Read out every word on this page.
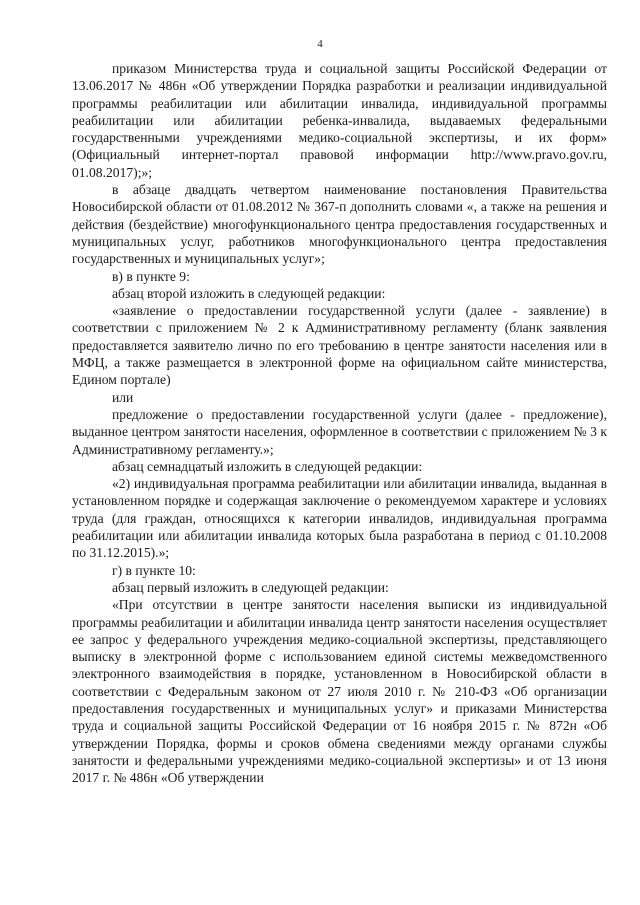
4

приказом Министерства труда и социальной защиты Российской Федерации от 13.06.2017 № 486н «Об утверждении Порядка разработки и реализации индивидуальной программы реабилитации или абилитации инвалида, индивидуальной программы реабилитации или абилитации ребенка-инвалида, выдаваемых федеральными государственными учреждениями медико-социальной экспертизы, и их форм» (Официальный интернет-портал правовой информации http://www.pravo.gov.ru, 01.08.2017);»;

в абзаце двадцать четвертом наименование постановления Правительства Новосибирской области от 01.08.2012 № 367-п дополнить словами «, а также на решения и действия (бездействие) многофункционального центра предоставления государственных и муниципальных услуг, работников многофункционального центра предоставления государственных и муниципальных услуг»;

в) в пункте 9:

абзац второй изложить в следующей редакции:

«заявление о предоставлении государственной услуги (далее - заявление) в соответствии с приложением № 2 к Административному регламенту (бланк заявления предоставляется заявителю лично по его требованию в центре занятости населения или в МФЦ, а также размещается в электронной форме на официальном сайте министерства, Едином портале)

или

предложение о предоставлении государственной услуги (далее - предложение), выданное центром занятости населения, оформленное в соответствии с приложением № 3 к Административному регламенту.»;

абзац семнадцатый изложить в следующей редакции:

«2) индивидуальная программа реабилитации или абилитации инвалида, выданная в установленном порядке и содержащая заключение о рекомендуемом характере и условиях труда (для граждан, относящихся к категории инвалидов, индивидуальная программа реабилитации или абилитации инвалида которых была разработана в период с 01.10.2008 по 31.12.2015).»;

г) в пункте 10:

абзац первый изложить в следующей редакции:

«При отсутствии в центре занятости населения выписки из индивидуальной программы реабилитации и абилитации инвалида центр занятости населения осуществляет ее запрос у федерального учреждения медико-социальной экспертизы, представляющего выписку в электронной форме с использованием единой системы межведомственного электронного взаимодействия в порядке, установленном в Новосибирской области в соответствии с Федеральным законом от 27 июля 2010 г. № 210-ФЗ «Об организации предоставления государственных и муниципальных услуг» и приказами Министерства труда и социальной защиты Российской Федерации от 16 ноября 2015 г. № 872н «Об утверждении Порядка, формы и сроков обмена сведениями между органами службы занятости и федеральными учреждениями медико-социальной экспертизы» и от 13 июня 2017 г. № 486н «Об утверждении
